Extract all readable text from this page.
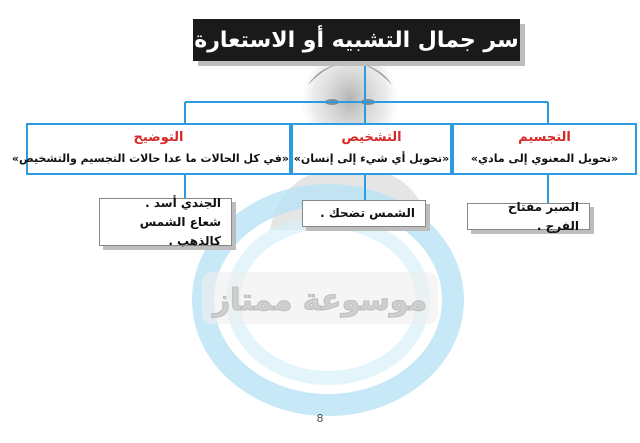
موسوعة ممتاز
سر جمال التشبيه أو الاستعارة
التجسيم
«تحويل المعنوي إلى مادي»
التشخيص
«تحويل أي شيء إلى إنسان»
التوضيح
«في كل الحالات ما عدا حالات التجسيم والتشخيص»
الصبر مفتاح الفرج .
الشمس تضحك .
الجندي أسد .
شعاع الشمس كالذهب .
8
